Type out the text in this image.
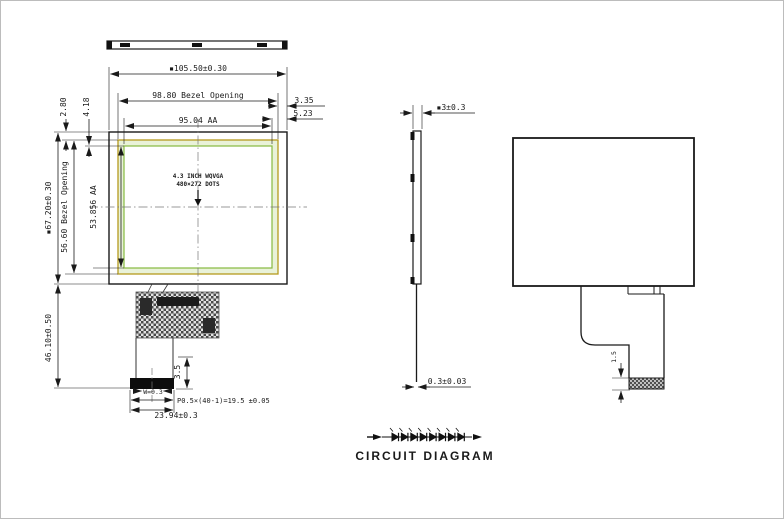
4.3 INCH WQVGA
480×272 DOTS
▪105.50±0.30
98.80 Bezel Opening
95.04 AA
3.35
5.23
2.80 4.18
▪67.20±0.30 56.60 Bezel Opening	53.856 AA
46.10±0.50
3.5
W=0.3
P0.5×(40-1)=19.5 ±0.05
23.94±0.3
▪3±0.3
0.3±0.03
1.5
CIRCUIT DIAGRAM
